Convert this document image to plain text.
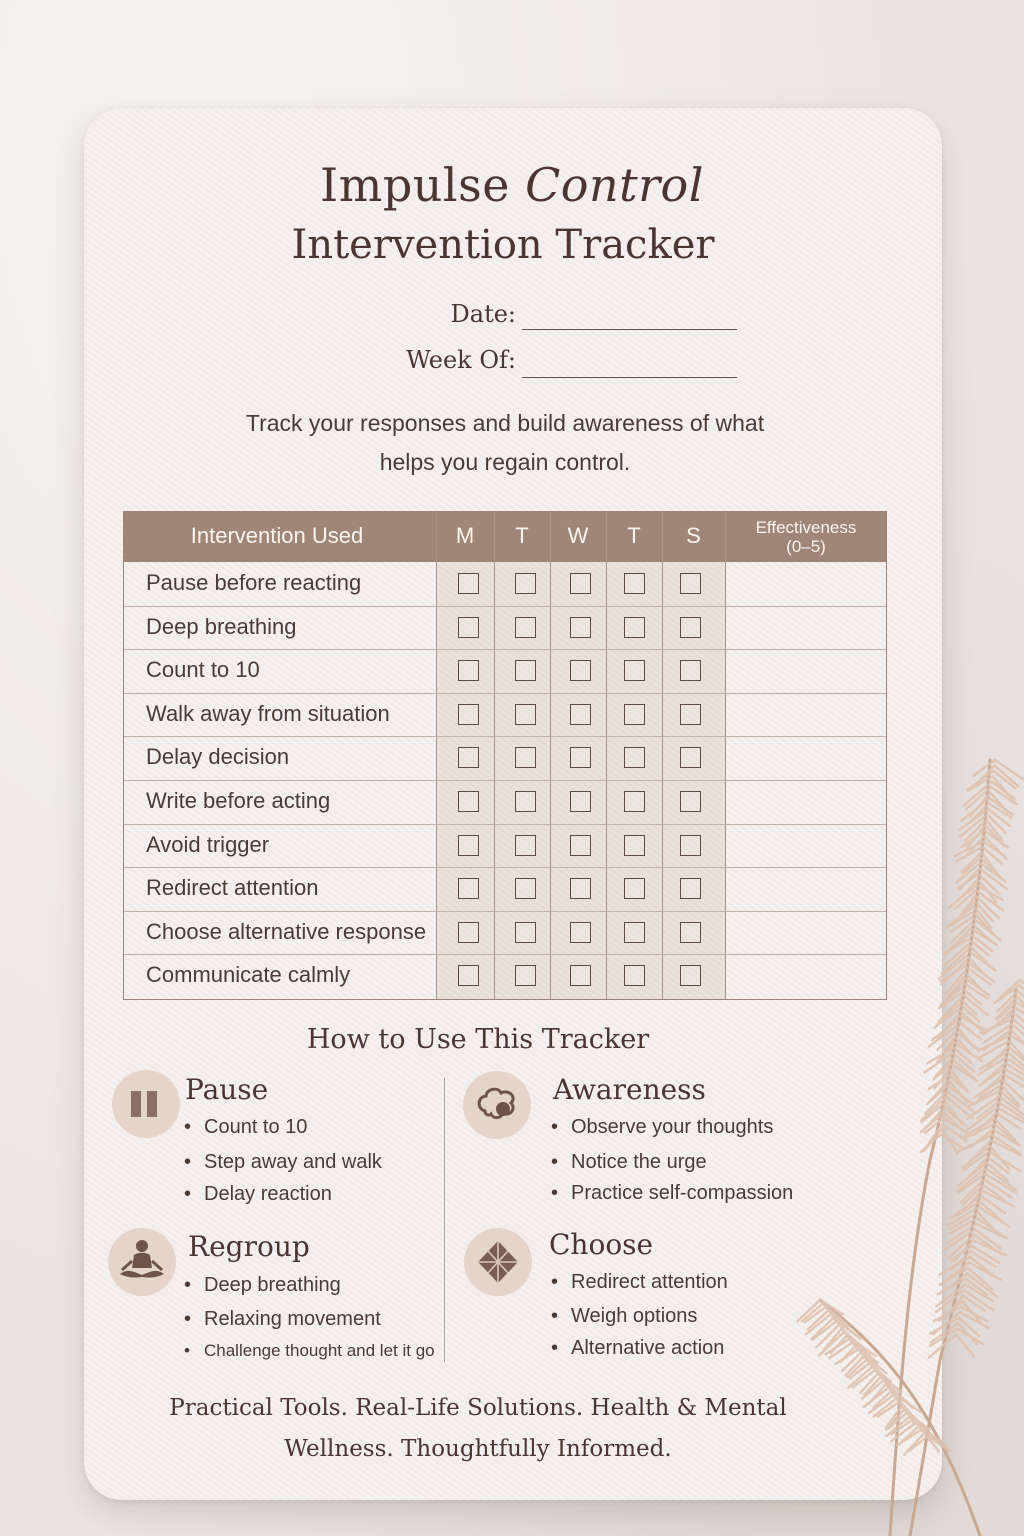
Impulse Control
Intervention Tracker
Date:
Week Of:
Track your responses and build awareness of what
helps you regain control.
Intervention Used	M	T	W	T	S	Effectiveness
(0–5)
Pause before reacting
Deep breathing
Count to 10
Walk away from situation
Delay decision
Write before acting
Avoid trigger
Redirect attention
Choose alternative response
Communicate calmly
How to Use This Tracker
Pause
• Count to 10
• Step away and walk
• Delay reaction
Awareness
• Observe your thoughts
• Notice the urge
• Practice self-compassion
Regroup
• Deep breathing
• Relaxing movement
• Challenge thought and let it go
Choose
• Redirect attention
• Weigh options
• Alternative action
Practical Tools. Real-Life Solutions. Health & Mental
Wellness. Thoughtfully Informed.
